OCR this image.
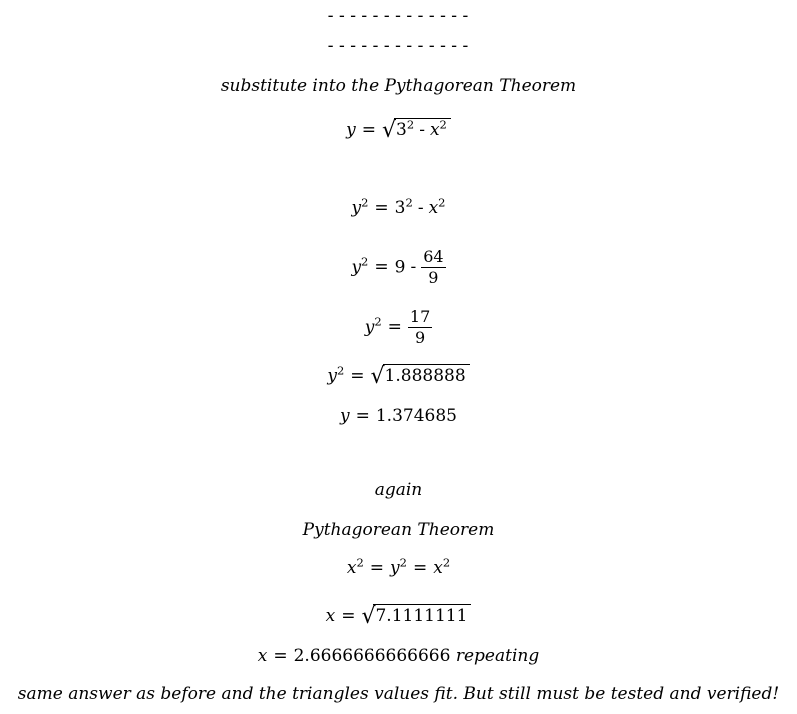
-------------
-------------
substitute into the Pythagorean Theorem
$y = √3^2 - x^2$
$y^2 = 3^2 - x^2$
$y^2 = 9 - \frac{64}{9}$
$y^2 = \frac{17}{9}$
$y^2 = √1.888888$
y = 1.374685
again
Pythagorean Theorem
$x^2 = y^2 = x^2$
x = √7.1111111
x = 2.6666666666666 repeating
same answer as before and the triangles values fit. But still must be tested and verified!
